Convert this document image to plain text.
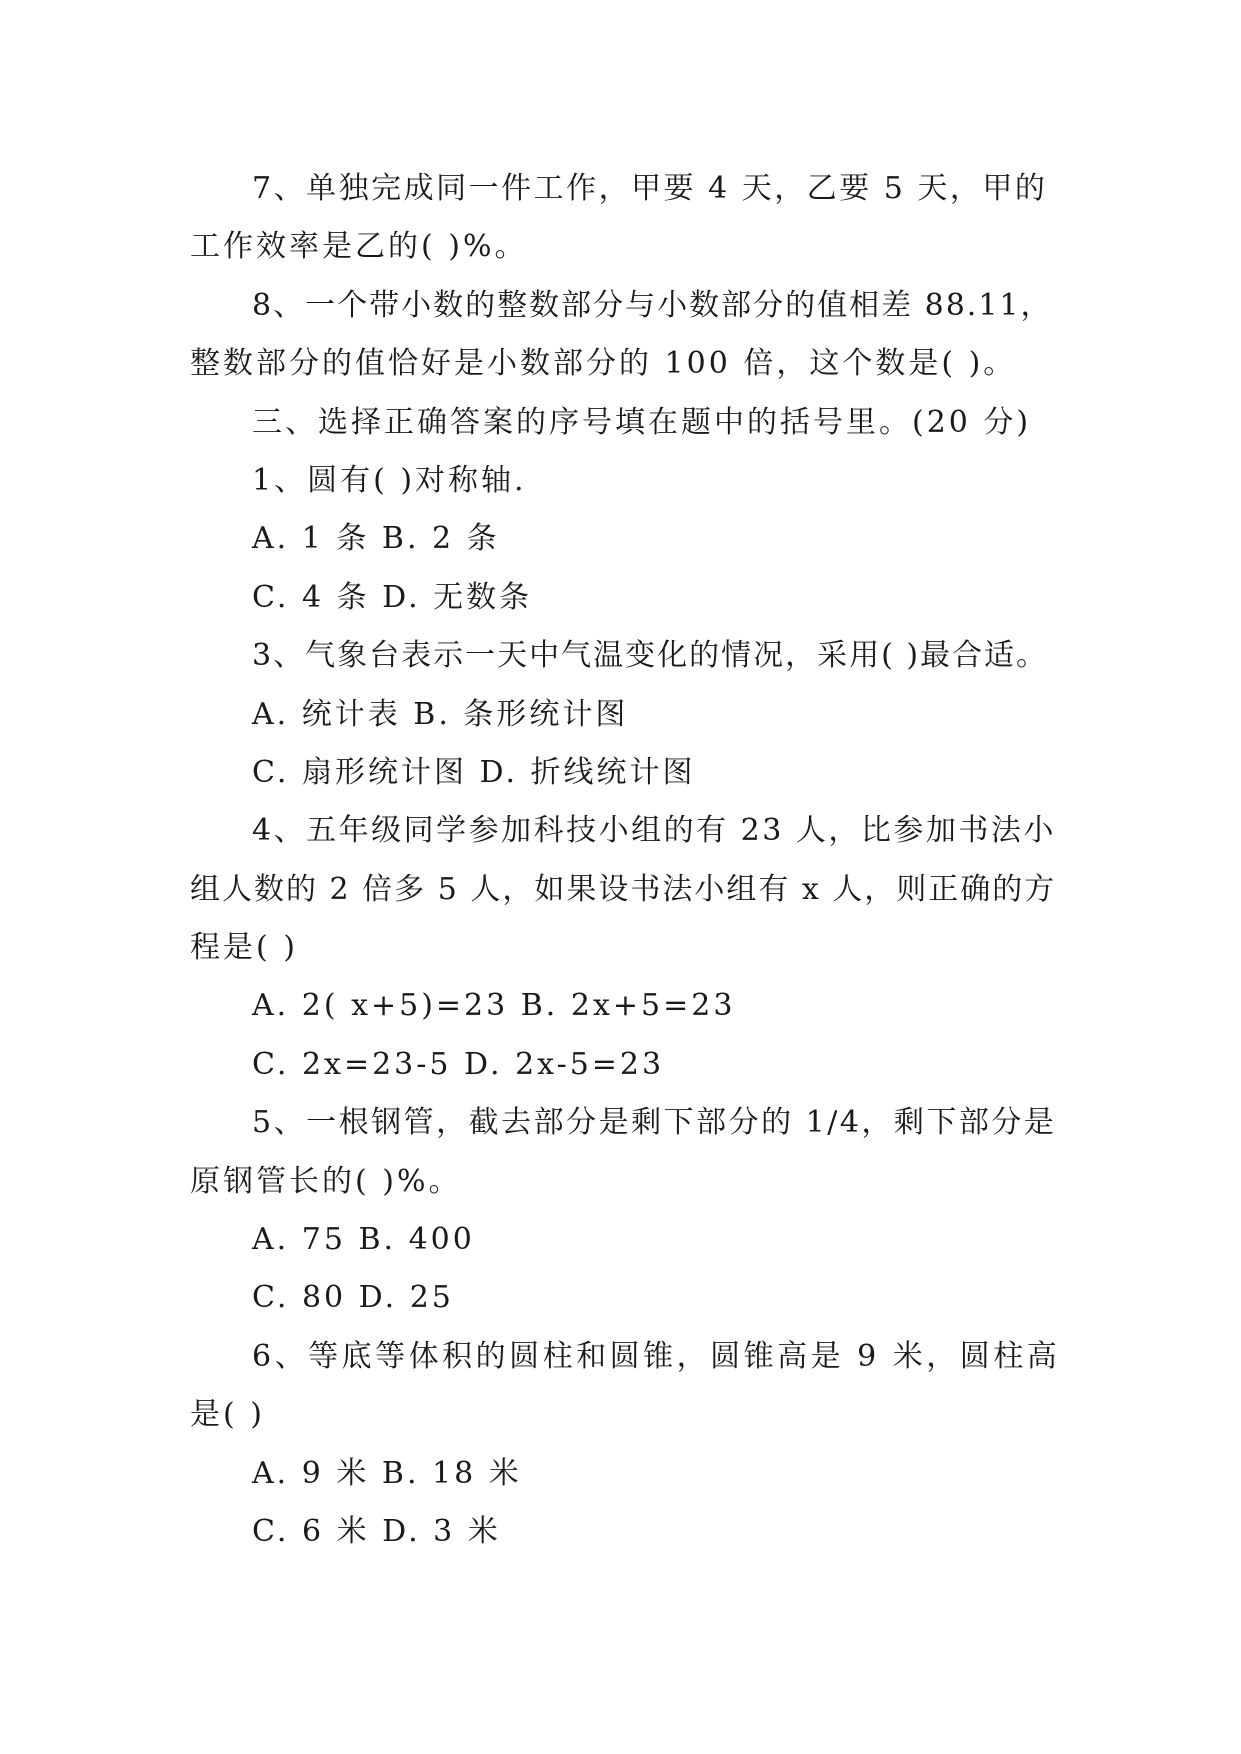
7、单独完成同一件工作，甲要 4 天，乙要 5 天，甲的
工作效率是乙的( )%。
8、一个带小数的整数部分与小数部分的值相差 88.11，
整数部分的值恰好是小数部分的 100 倍，这个数是( )。
三、选择正确答案的序号填在题中的括号里。(20 分)
1、圆有( )对称轴.
A. 1 条 B. 2 条
C. 4 条 D. 无数条
3、气象台表示一天中气温变化的情况，采用( )最合适。
A. 统计表 B. 条形统计图
C. 扇形统计图 D. 折线统计图
4、五年级同学参加科技小组的有 23 人，比参加书法小
组人数的 2 倍多 5 人，如果设书法小组有 x 人，则正确的方
程是( )
A. 2( x+5)=23 B. 2x+5=23
C. 2x=23-5 D. 2x-5=23
5、一根钢管，截去部分是剩下部分的 1/4，剩下部分是
原钢管长的( )%。
A. 75 B. 400
C. 80 D. 25
6、等底等体积的圆柱和圆锥，圆锥高是 9 米，圆柱高
是( )
A. 9 米 B. 18 米
C. 6 米 D. 3 米
